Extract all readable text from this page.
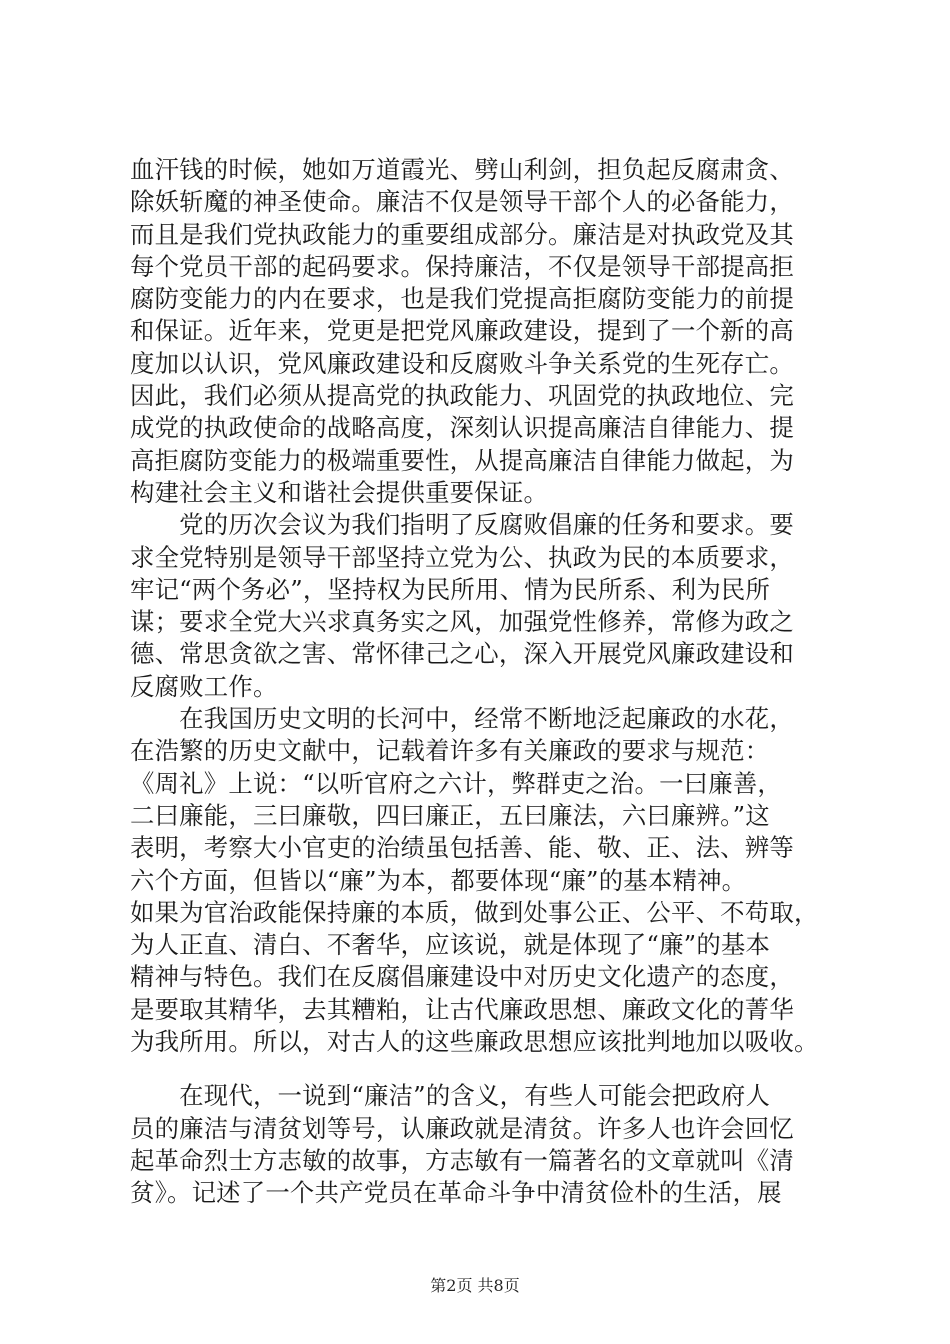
血汗钱的时候，她如万道霞光、劈山利剑，担负起反腐肃贪、
除妖斩魔的神圣使命。廉洁不仅是领导干部个人的必备能力，
而且是我们党执政能力的重要组成部分。廉洁是对执政党及其
每个党员干部的起码要求。保持廉洁，不仅是领导干部提高拒
腐防变能力的内在要求，也是我们党提高拒腐防变能力的前提
和保证。近年来，党更是把党风廉政建设，提到了一个新的高
度加以认识，党风廉政建设和反腐败斗争关系党的生死存亡。
因此，我们必须从提高党的执政能力、巩固党的执政地位、完
成党的执政使命的战略高度，深刻认识提高廉洁自律能力、提
高拒腐防变能力的极端重要性，从提高廉洁自律能力做起，为
构建社会主义和谐社会提供重要保证。
　　党的历次会议为我们指明了反腐败倡廉的任务和要求。要
求全党特别是领导干部坚持立党为公、执政为民的本质要求，
牢记“两个务必”，坚持权为民所用、情为民所系、利为民所
谋；要求全党大兴求真务实之风，加强党性修养，常修为政之
德、常思贪欲之害、常怀律己之心，深入开展党风廉政建设和
反腐败工作。
　　在我国历史文明的长河中，经常不断地泛起廉政的水花，
在浩繁的历史文献中，记载着许多有关廉政的要求与规范：
《周礼》上说：“以听官府之六计，弊群吏之治。一曰廉善，
二曰廉能，三曰廉敬，四曰廉正，五曰廉法，六曰廉辨。”这
表明，考察大小官吏的治绩虽包括善、能、敬、正、法、辨等
六个方面，但皆以“廉”为本，都要体现“廉”的基本精神。
如果为官治政能保持廉的本质，做到处事公正、公平、不苟取，
为人正直、清白、不奢华，应该说，就是体现了“廉”的基本
精神与特色。我们在反腐倡廉建设中对历史文化遗产的态度，
是要取其精华，去其糟粕，让古代廉政思想、廉政文化的菁华
为我所用。所以，对古人的这些廉政思想应该批判地加以吸收。
　　在现代，一说到“廉洁”的含义，有些人可能会把政府人
员的廉洁与清贫划等号，认廉政就是清贫。许多人也许会回忆
起革命烈士方志敏的故事，方志敏有一篇著名的文章就叫《清
贫》。记述了一个共产党员在革命斗争中清贫俭朴的生活，展
第2页 共8页
